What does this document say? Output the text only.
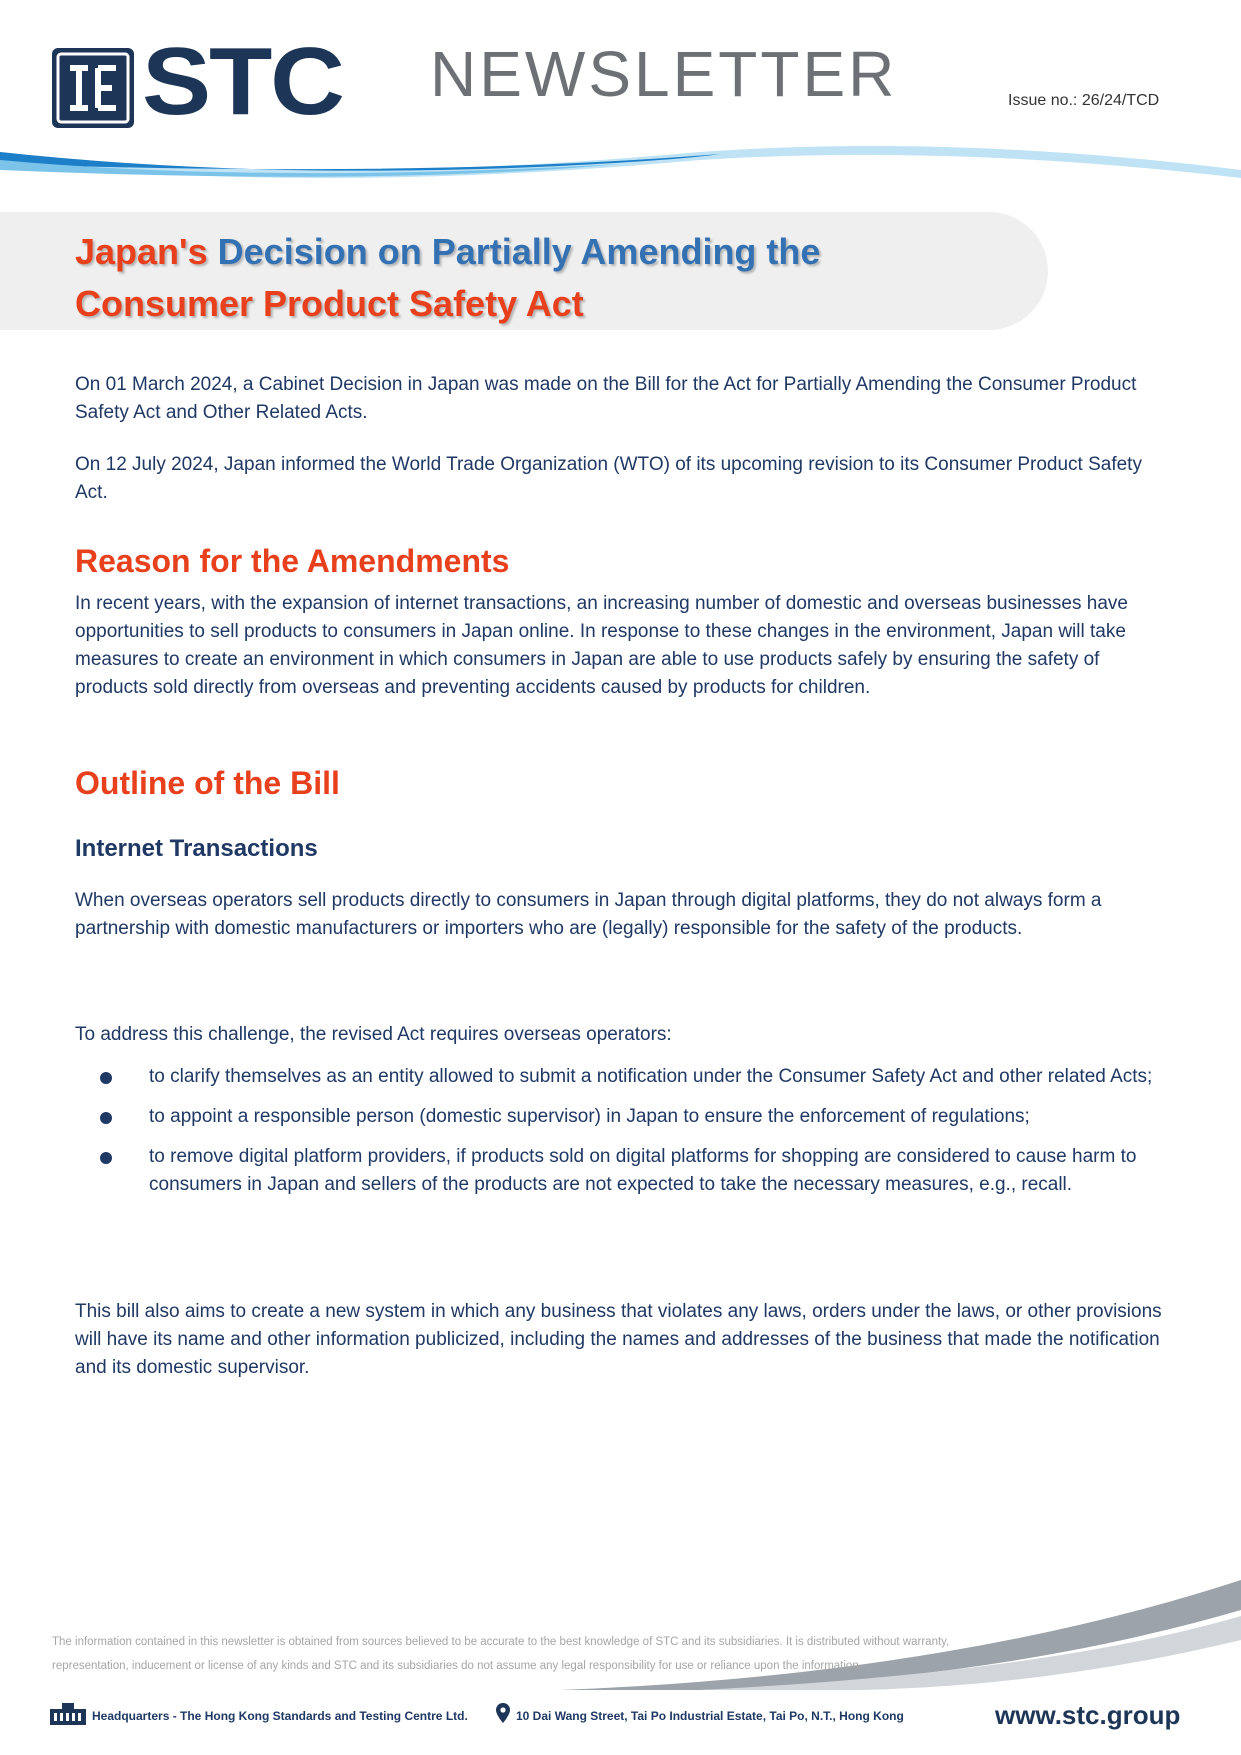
STC NEWSLETTER	Issue no.: 26/24/TCD
Japan's Decision on Partially Amending the
Consumer Product Safety Act

On 01 March 2024, a Cabinet Decision in Japan was made on the Bill for the Act for Partially Amending the Consumer Product Safety Act and Other Related Acts.

On 12 July 2024, Japan informed the World Trade Organization (WTO) of its upcoming revision to its Consumer Product Safety Act.

Reason for the Amendments

In recent years, with the expansion of internet transactions, an increasing number of domestic and overseas businesses have opportunities to sell products to consumers in Japan online. In response to these changes in the environment, Japan will take measures to create an environment in which consumers in Japan are able to use products safely by ensuring the safety of products sold directly from overseas and preventing accidents caused by products for children.

Outline of the Bill
Internet Transactions

When overseas operators sell products directly to consumers in Japan through digital platforms, they do not always form a partnership with domestic manufacturers or importers who are (legally) responsible for the safety of the products.

To address this challenge, the revised Act requires overseas operators:

to clarify themselves as an entity allowed to submit a notification under the Consumer Safety Act and other related Acts;
to appoint a responsible person (domestic supervisor) in Japan to ensure the enforcement of regulations;
to remove digital platform providers, if products sold on digital platforms for shopping are considered to cause harm to consumers in Japan and sellers of the products are not expected to take the necessary measures, e.g., recall.

This bill also aims to create a new system in which any business that violates any laws, orders under the laws, or other provisions will have its name and other information publicized, including the names and addresses of the business that made the notification and its domestic supervisor.

The information contained in this newsletter is obtained from sources believed to be accurate to the best knowledge of STC and its subsidiaries. It is distributed without warranty, representation, inducement or license of any kinds and STC and its subsidiaries do not assume any legal responsibility for use or reliance upon the information.

Headquarters - The Hong Kong Standards and Testing Centre Ltd.	10 Dai Wang Street, Tai Po Industrial Estate, Tai Po, N.T., Hong Kong	www.stc.group
